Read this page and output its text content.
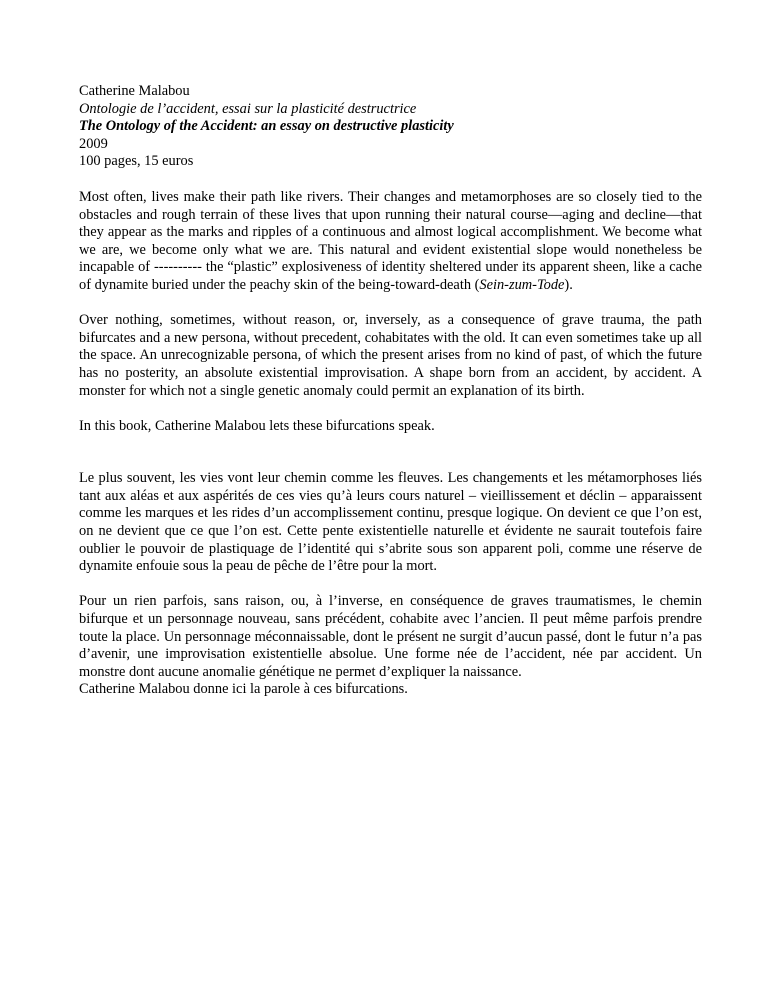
Catherine Malabou
Ontologie de l’accident, essai sur la plasticité destructrice
The Ontology of the Accident: an essay on destructive plasticity
2009
100 pages, 15 euros

Most often, lives make their path like rivers. Their changes and metamorphoses are so closely tied to the obstacles and rough terrain of these lives that upon running their natural course—aging and decline—that they appear as the marks and ripples of a continuous and almost logical accomplishment. We become what we are, we become only what we are. This natural and evident existential slope would nonetheless be incapable of ---------- the “plastic” explosiveness of identity sheltered under its apparent sheen, like a cache of dynamite buried under the peachy skin of the being-toward-death (Sein-zum-Tode).

Over nothing, sometimes, without reason, or, inversely, as a consequence of grave trauma, the path bifurcates and a new persona, without precedent, cohabitates with the old. It can even sometimes take up all the space. An unrecognizable persona, of which the present arises from no kind of past, of which the future has no posterity, an absolute existential improvisation. A shape born from an accident, by accident. A monster for which not a single genetic anomaly could permit an explanation of its birth.

In this book, Catherine Malabou lets these bifurcations speak.

Le plus souvent, les vies vont leur chemin comme les fleuves. Les changements et les métamorphoses liés tant aux aléas et aux aspérités de ces vies qu’à leurs cours naturel – vieillissement et déclin – apparaissent comme les marques et les rides d’un accomplissement continu, presque logique. On devient ce que l’on est, on ne devient que ce que l’on est. Cette pente existentielle naturelle et évidente ne saurait toutefois faire oublier le pouvoir de plastiquage de l’identité qui s’abrite sous son apparent poli, comme une réserve de dynamite enfouie sous la peau de pêche de l’être pour la mort.

Pour un rien parfois, sans raison, ou, à l’inverse, en conséquence de graves traumatismes, le chemin bifurque et un personnage nouveau, sans précédent, cohabite avec l’ancien. Il peut même parfois prendre toute la place. Un personnage méconnaissable, dont le présent ne surgit d’aucun passé, dont le futur n’a pas d’avenir, une improvisation existentielle absolue. Une forme née de l’accident, née par accident. Un monstre dont aucune anomalie génétique ne permet d’expliquer la naissance.

Catherine Malabou donne ici la parole à ces bifurcations.
